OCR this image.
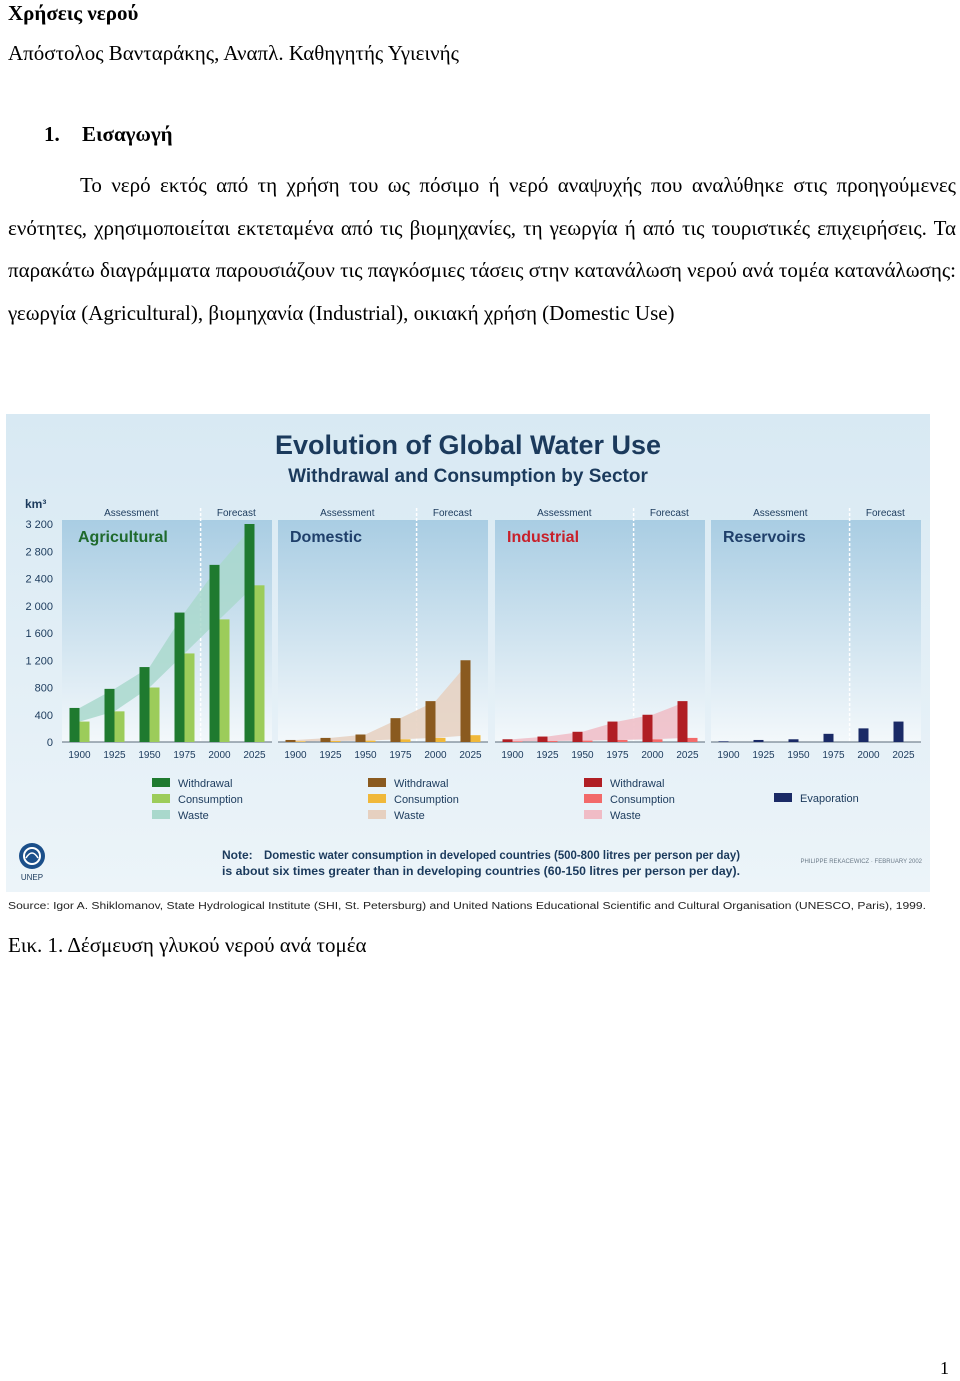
Χρήσεις νερού
Απόστολος Βανταράκης, Αναπλ. Καθηγητής Υγιεινής
1. Εισαγωγή

Το νερό εκτός από τη χρήση του ως πόσιμο ή νερό αναψυχής που αναλύθηκε στις προηγούμενες ενότητες, χρησιμοποιείται εκτεταμένα από τις βιομηχανίες, τη γεωργία ή από τις τουριστικές επιχειρήσεις. Τα παρακάτω διαγράμματα παρουσιάζουν τις παγκόσμιες τάσεις στην κατανάλωση νερού ανά τομέα κατανάλωσης: γεωργία (Agricultural), βιομηχανία (Industrial), οικιακή χρήση (Domestic Use)

Evolution of Global Water Use
Withdrawal and Consumption by Sector
km³
0
400
800
1 200
1 600
2 000
2 400
2 800
3 200
Assessment	Forecast
Agricultural
1900 1925 1950 1975 2000 2025
Assessment	Forecast
Domestic
1900 1925 1950 1975 2000 2025
Assessment	Forecast
Industrial
1900 1925 1950 1975 2000 2025
Assessment	Forecast
Reservoirs
1900 1925 1950 1975 2000 2025
Withdrawal
Consumption
Waste
Withdrawal
Consumption
Waste
Withdrawal
Consumption
Waste
Evaporation
UNEP
Note: Domestic water consumption in developed countries (500-800 litres per person per day)
is about six times greater than in developing countries (60-150 litres per person per day).
PHILIPPE REKACEWICZ · FEBRUARY 2002
Source: Igor A. Shiklomanov, State Hydrological Institute (SHI, St. Petersburg) and United Nations Educational Scientific and Cultural Organisation (UNESCO, Paris), 1999.
Εικ. 1. Δέσμευση γλυκού νερού ανά τομέα
1
